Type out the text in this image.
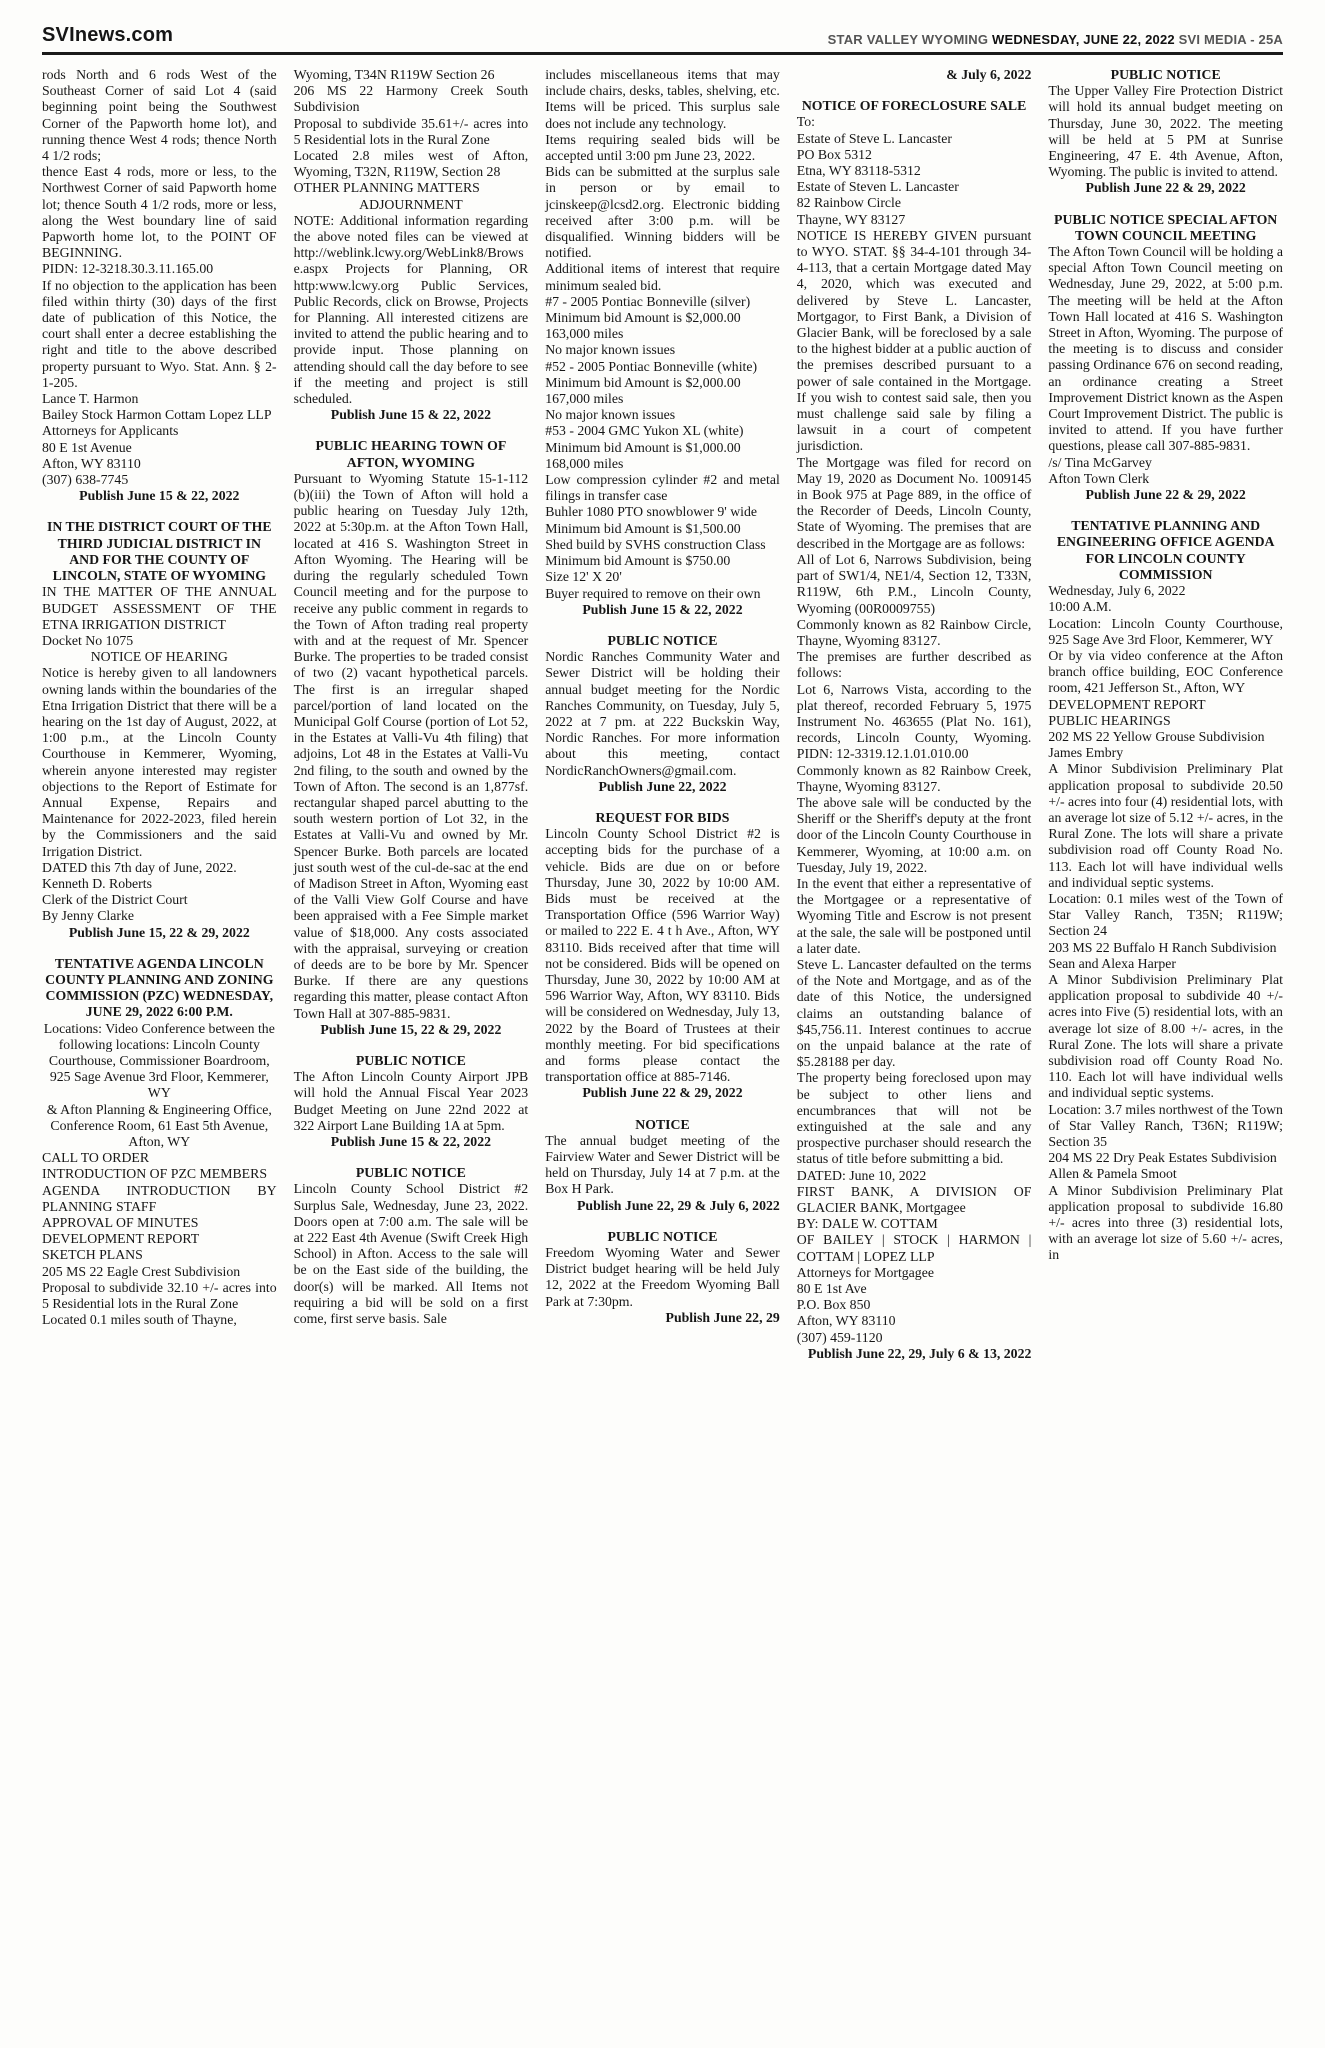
SVInews.com	STAR VALLEY WYOMING WEDNESDAY, JUNE 22, 2022 SVI MEDIA - 25A

rods North and 6 rods West of the Southeast Corner of said Lot 4 (said beginning point being the Southwest Corner of the Papworth home lot), and running thence West 4 rods; thence North 4 1/2 rods;

thence East 4 rods, more or less, to the Northwest Corner of said Papworth home lot; thence South 4 1/2 rods, more or less, along the West boundary line of said Papworth home lot, to the POINT OF BEGINNING.

PIDN: 12-3218.30.3.11.165.00

If no objection to the application has been filed within thirty (30) days of the first date of publication of this Notice, the court shall enter a decree establishing the right and title to the above described property pursuant to Wyo. Stat. Ann. § 2-1-205.

Lance T. Harmon

Bailey Stock Harmon Cottam Lopez LLP

Attorneys for Applicants

80 E 1st Avenue

Afton, WY 83110

(307) 638-7745

Publish June 15 & 22, 2022

IN THE DISTRICT COURT OF THE THIRD JUDICIAL DISTRICT IN AND FOR THE COUNTY OF LINCOLN, STATE OF WYOMING

IN THE MATTER OF THE ANNUAL BUDGET ASSESSMENT OF THE ETNA IRRIGATION DISTRICT

Docket No 1075

NOTICE OF HEARING

Notice is hereby given to all landowners owning lands within the boundaries of the Etna Irrigation District that there will be a hearing on the 1st day of August, 2022, at 1:00 p.m., at the Lincoln County Courthouse in Kemmerer, Wyoming, wherein anyone interested may register objections to the Report of Estimate for Annual Expense, Repairs and Maintenance for 2022-2023, filed herein by the Commissioners and the said Irrigation District.

DATED this 7th day of June, 2022.

Kenneth D. Roberts

Clerk of the District Court

By Jenny Clarke

Publish June 15, 22 & 29, 2022

TENTATIVE AGENDA LINCOLN COUNTY PLANNING AND ZONING COMMISSION (PZC) WEDNESDAY, JUNE 29, 2022 6:00 P.M.

Locations: Video Conference between the following locations: Lincoln County Courthouse, Commissioner Boardroom, 925 Sage Avenue 3rd Floor, Kemmerer, WY

& Afton Planning & Engineering Office, Conference Room, 61 East 5th Avenue, Afton, WY

CALL TO ORDER

INTRODUCTION OF PZC MEMBERS

AGENDA INTRODUCTION BY PLANNING STAFF

APPROVAL OF MINUTES

DEVELOPMENT REPORT

SKETCH PLANS

205 MS 22 Eagle Crest Subdivision

Proposal to subdivide 32.10 +/- acres into 5 Residential lots in the Rural Zone

Located 0.1 miles south of Thayne,

Wyoming, T34N R119W Section 26

206 MS 22 Harmony Creek South Subdivision

Proposal to subdivide 35.61+/- acres into 5 Residential lots in the Rural Zone

Located 2.8 miles west of Afton, Wyoming, T32N, R119W, Section 28

OTHER PLANNING MATTERS

ADJOURNMENT

NOTE: Additional information regarding the above noted files can be viewed at http://weblink.lcwy.org/WebLink8/Browse.aspx Projects for Planning, OR http:www.lcwy.org Public Services, Public Records, click on Browse, Projects for Planning. All interested citizens are invited to attend the public hearing and to provide input. Those planning on attending should call the day before to see if the meeting and project is still scheduled.

Publish June 15 & 22, 2022

PUBLIC HEARING TOWN OF AFTON, WYOMING

Pursuant to Wyoming Statute 15-1-112 (b)(iii) the Town of Afton will hold a public hearing on Tuesday July 12th, 2022 at 5:30p.m. at the Afton Town Hall, located at 416 S. Washington Street in Afton Wyoming. The Hearing will be during the regularly scheduled Town Council meeting and for the purpose to receive any public comment in regards to the Town of Afton trading real property with and at the request of Mr. Spencer Burke. The properties to be traded consist of two (2) vacant hypothetical parcels. The first is an irregular shaped parcel/portion of land located on the Municipal Golf Course (portion of Lot 52, in the Estates at Valli-Vu 4th filing) that adjoins, Lot 48 in the Estates at Valli-Vu 2nd filing, to the south and owned by the Town of Afton. The second is an 1,877sf. rectangular shaped parcel abutting to the south western portion of Lot 32, in the Estates at Valli-Vu and owned by Mr. Spencer Burke. Both parcels are located just south west of the cul-de-sac at the end of Madison Street in Afton, Wyoming east of the Valli View Golf Course and have been appraised with a Fee Simple market value of $18,000. Any costs associated with the appraisal, surveying or creation of deeds are to be bore by Mr. Spencer Burke. If there are any questions regarding this matter, please contact Afton Town Hall at 307-885-9831.

Publish June 15, 22 & 29, 2022

PUBLIC NOTICE

The Afton Lincoln County Airport JPB will hold the Annual Fiscal Year 2023 Budget Meeting on June 22nd 2022 at 322 Airport Lane Building 1A at 5pm.

Publish June 15 & 22, 2022

PUBLIC NOTICE

Lincoln County School District #2 Surplus Sale, Wednesday, June 23, 2022. Doors open at 7:00 a.m. The sale will be at 222 East 4th Avenue (Swift Creek High School) in Afton. Access to the sale will be on the East side of the building, the door(s) will be marked. All Items not requiring a bid will be sold on a first come, first serve basis. Sale

includes miscellaneous items that may include chairs, desks, tables, shelving, etc. Items will be priced. This surplus sale does not include any technology.

Items requiring sealed bids will be accepted until 3:00 pm June 23, 2022.

Bids can be submitted at the surplus sale in person or by email to jcinskeep@lcsd2.org. Electronic bidding received after 3:00 p.m. will be disqualified. Winning bidders will be notified.

Additional items of interest that require minimum sealed bid.

#7 - 2005 Pontiac Bonneville (silver)

Minimum bid Amount is $2,000.00

163,000 miles

No major known issues

#52 - 2005 Pontiac Bonneville (white)

Minimum bid Amount is $2,000.00

167,000 miles

No major known issues

#53 - 2004 GMC Yukon XL (white)

Minimum bid Amount is $1,000.00

168,000 miles

Low compression cylinder #2 and metal filings in transfer case

Buhler 1080 PTO snowblower 9' wide

Minimum bid Amount is $1,500.00

Shed build by SVHS construction Class

Minimum bid Amount is $750.00

Size 12' X 20'

Buyer required to remove on their own

Publish June 15 & 22, 2022

PUBLIC NOTICE

Nordic Ranches Community Water and Sewer District will be holding their annual budget meeting for the Nordic Ranches Community, on Tuesday, July 5, 2022 at 7 pm. at 222 Buckskin Way, Nordic Ranches. For more information about this meeting, contact NordicRanchOwners@gmail.com.

Publish June 22, 2022

REQUEST FOR BIDS

Lincoln County School District #2 is accepting bids for the purchase of a vehicle. Bids are due on or before Thursday, June 30, 2022 by 10:00 AM. Bids must be received at the Transportation Office (596 Warrior Way) or mailed to 222 E. 4 t h Ave., Afton, WY 83110. Bids received after that time will not be considered. Bids will be opened on Thursday, June 30, 2022 by 10:00 AM at 596 Warrior Way, Afton, WY 83110. Bids will be considered on Wednesday, July 13, 2022 by the Board of Trustees at their monthly meeting. For bid specifications and forms please contact the transportation office at 885-7146.

Publish June 22 & 29, 2022

NOTICE

The annual budget meeting of the Fairview Water and Sewer District will be held on Thursday, July 14 at 7 p.m. at the Box H Park.

Publish June 22, 29 & July 6, 2022

PUBLIC NOTICE

Freedom Wyoming Water and Sewer District budget hearing will be held July 12, 2022 at the Freedom Wyoming Ball Park at 7:30pm.

Publish June 22, 29

& July 6, 2022

NOTICE OF FORECLOSURE SALE

To:

Estate of Steve L. Lancaster

PO Box 5312

Etna, WY 83118-5312

Estate of Steven L. Lancaster

82 Rainbow Circle

Thayne, WY 83127

NOTICE IS HEREBY GIVEN pursuant to WYO. STAT. §§ 34-4-101 through 34-4-113, that a certain Mortgage dated May 4, 2020, which was executed and delivered by Steve L. Lancaster, Mortgagor, to First Bank, a Division of Glacier Bank, will be foreclosed by a sale to the highest bidder at a public auction of the premises described pursuant to a power of sale contained in the Mortgage. If you wish to contest said sale, then you must challenge said sale by filing a lawsuit in a court of competent jurisdiction.

The Mortgage was filed for record on May 19, 2020 as Document No. 1009145 in Book 975 at Page 889, in the office of the Recorder of Deeds, Lincoln County, State of Wyoming. The premises that are described in the Mortgage are as follows:

All of Lot 6, Narrows Subdivision, being part of SW1/4, NE1/4, Section 12, T33N, R119W, 6th P.M., Lincoln County, Wyoming (00R0009755)

Commonly known as 82 Rainbow Circle, Thayne, Wyoming 83127.

The premises are further described as follows:

Lot 6, Narrows Vista, according to the plat thereof, recorded February 5, 1975 Instrument No. 463655 (Plat No. 161), records, Lincoln County, Wyoming. PIDN: 12-3319.12.1.01.010.00

Commonly known as 82 Rainbow Creek, Thayne, Wyoming 83127.

The above sale will be conducted by the Sheriff or the Sheriff's deputy at the front door of the Lincoln County Courthouse in Kemmerer, Wyoming, at 10:00 a.m. on Tuesday, July 19, 2022.

In the event that either a representative of the Mortgagee or a representative of Wyoming Title and Escrow is not present at the sale, the sale will be postponed until a later date.

Steve L. Lancaster defaulted on the terms of the Note and Mortgage, and as of the date of this Notice, the undersigned claims an outstanding balance of $45,756.11. Interest continues to accrue on the unpaid balance at the rate of $5.28188 per day.

The property being foreclosed upon may be subject to other liens and encumbrances that will not be extinguished at the sale and any prospective purchaser should research the status of title before submitting a bid.

DATED: June 10, 2022

FIRST BANK, A DIVISION OF GLACIER BANK, Mortgagee

BY: DALE W. COTTAM

OF BAILEY | STOCK | HARMON | COTTAM | LOPEZ LLP

Attorneys for Mortgagee

80 E 1st Ave

P.O. Box 850

Afton, WY 83110

(307) 459-1120

Publish June 22, 29, July 6 & 13, 2022

PUBLIC NOTICE

The Upper Valley Fire Protection District will hold its annual budget meeting on Thursday, June 30, 2022. The meeting will be held at 5 PM at Sunrise Engineering, 47 E. 4th Avenue, Afton, Wyoming. The public is invited to attend.

Publish June 22 & 29, 2022

PUBLIC NOTICE SPECIAL AFTON TOWN COUNCIL MEETING

The Afton Town Council will be holding a special Afton Town Council meeting on Wednesday, June 29, 2022, at 5:00 p.m. The meeting will be held at the Afton Town Hall located at 416 S. Washington Street in Afton, Wyoming. The purpose of the meeting is to discuss and consider passing Ordinance 676 on second reading, an ordinance creating a Street Improvement District known as the Aspen Court Improvement District. The public is invited to attend. If you have further questions, please call 307-885-9831.

/s/ Tina McGarvey

Afton Town Clerk

Publish June 22 & 29, 2022

TENTATIVE PLANNING AND ENGINEERING OFFICE AGENDA FOR LINCOLN COUNTY COMMISSION

Wednesday, July 6, 2022

10:00 A.M.

Location: Lincoln County Courthouse, 925 Sage Ave 3rd Floor, Kemmerer, WY

Or by via video conference at the Afton branch office building, EOC Conference room, 421 Jefferson St., Afton, WY

DEVELOPMENT REPORT

PUBLIC HEARINGS

202 MS 22 Yellow Grouse Subdivision

James Embry

A Minor Subdivision Preliminary Plat application proposal to subdivide 20.50 +/- acres into four (4) residential lots, with an average lot size of 5.12 +/- acres, in the Rural Zone. The lots will share a private subdivision road off County Road No. 113. Each lot will have individual wells and individual septic systems.

Location: 0.1 miles west of the Town of Star Valley Ranch, T35N; R119W; Section 24

203 MS 22 Buffalo H Ranch Subdivision

Sean and Alexa Harper

A Minor Subdivision Preliminary Plat application proposal to subdivide 40 +/- acres into Five (5) residential lots, with an average lot size of 8.00 +/- acres, in the Rural Zone. The lots will share a private subdivision road off County Road No. 110. Each lot will have individual wells and individual septic systems.

Location: 3.7 miles northwest of the Town of Star Valley Ranch, T36N; R119W; Section 35

204 MS 22 Dry Peak Estates Subdivision

Allen & Pamela Smoot

A Minor Subdivision Preliminary Plat application proposal to subdivide 16.80 +/- acres into three (3) residential lots, with an average lot size of 5.60 +/- acres, in
